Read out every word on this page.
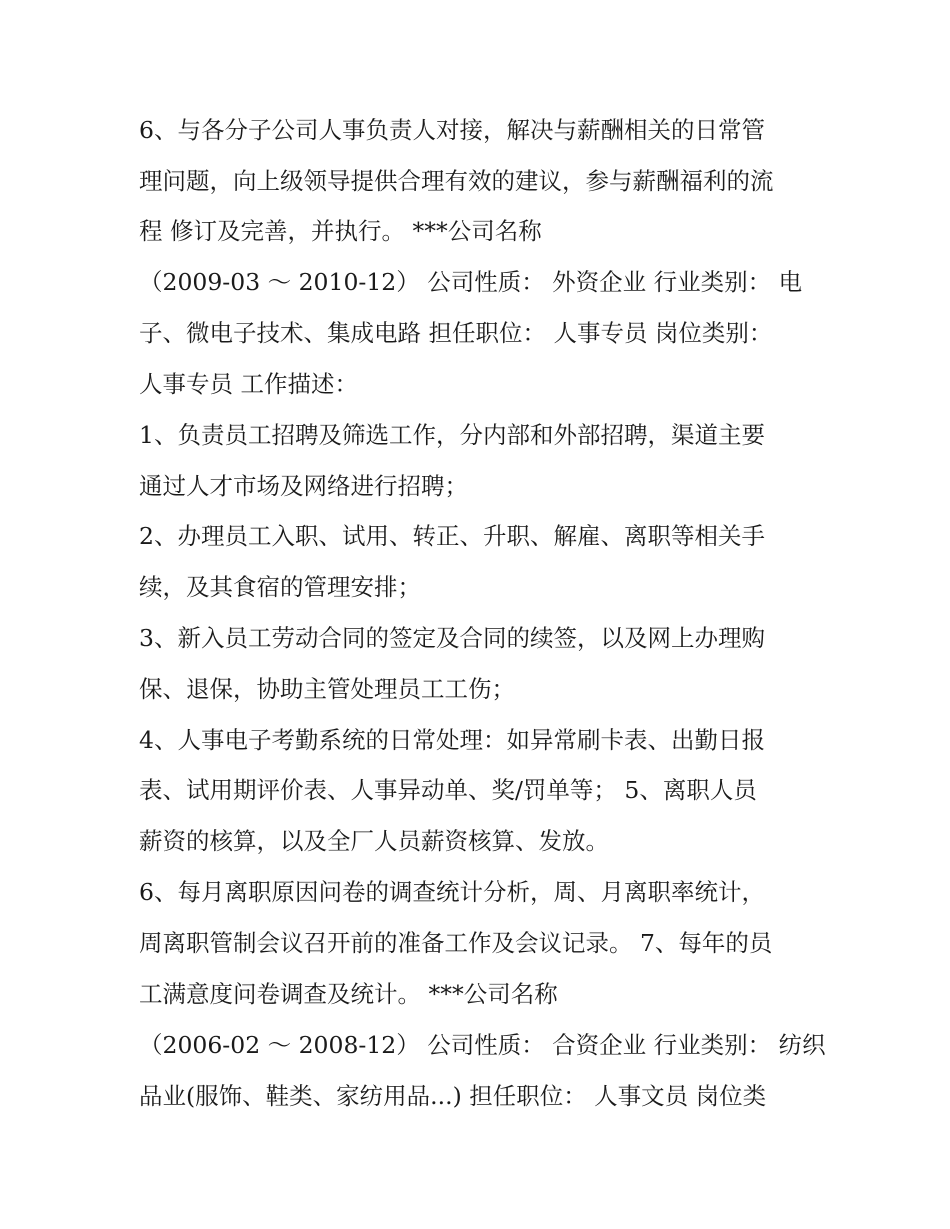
6、与各分子公司人事负责人对接，解决与薪酬相关的日常管
理问题，向上级领导提供合理有效的建议，参与薪酬福利的流
程 修订及完善，并执行。 ***公司名称
（2009-03 ～ 2010-12） 公司性质： 外资企业 行业类别： 电
子、微电子技术、集成电路 担任职位： 人事专员 岗位类别：
人事专员 工作描述：
1、负责员工招聘及筛选工作，分内部和外部招聘，渠道主要
通过人才市场及网络进行招聘；
2、办理员工入职、试用、转正、升职、解雇、离职等相关手
续，及其食宿的管理安排；
3、新入员工劳动合同的签定及合同的续签，以及网上办理购
保、退保，协助主管处理员工工伤；
4、人事电子考勤系统的日常处理：如异常刷卡表、出勤日报
表、试用期评价表、人事异动单、奖/罚单等； 5、离职人员
薪资的核算，以及全厂人员薪资核算、发放。
6、每月离职原因问卷的调查统计分析，周、月离职率统计，
周离职管制会议召开前的准备工作及会议记录。 7、每年的员
工满意度问卷调查及统计。 ***公司名称
（2006-02 ～ 2008-12） 公司性质： 合资企业 行业类别： 纺织
品业(服饰、鞋类、家纺用品...) 担任职位： 人事文员 岗位类
